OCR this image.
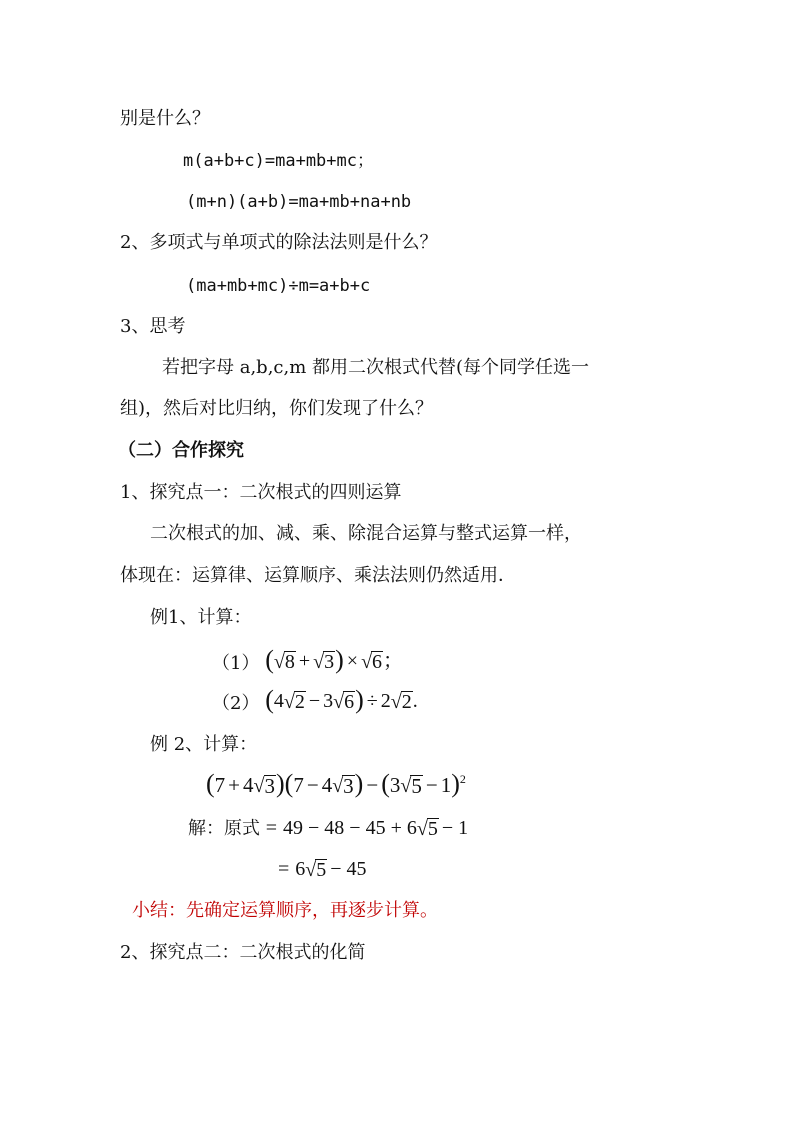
别是什么？
m(a+b+c)=ma+mb+mc；
(m+n)(a+b)=ma+mb+na+nb
2、多项式与单项式的除法法则是什么？
(ma+mb+mc)÷m=a+b+c
3、思考
若把字母 a,b,c,m 都用二次根式代替(每个同学任选一
组)，然后对比归纳，你们发现了什么？
（二）合作探究
1、探究点一：二次根式的四则运算
二次根式的加、减、乘、除混合运算与整式运算一样，
体现在：运算律、运算顺序、乘法法则仍然适用．
例1、计算：
（1） ( √ 8 + √ 3 ) × √ 6 ；
（2） ( 4 √ 2 − 3 √ 6 ) ÷ 2 √ 2 .
例 2、计算：
( 7 + 4 √ 3 ) ( 7 − 4 √ 3 ) − ( 3 √ 5 − 1 ) 2
解：原式 = 49 − 48 − 45 + 6 √ 5 − 1
= 6 √ 5 − 45
小结：先确定运算顺序，再逐步计算。
2、探究点二：二次根式的化简
